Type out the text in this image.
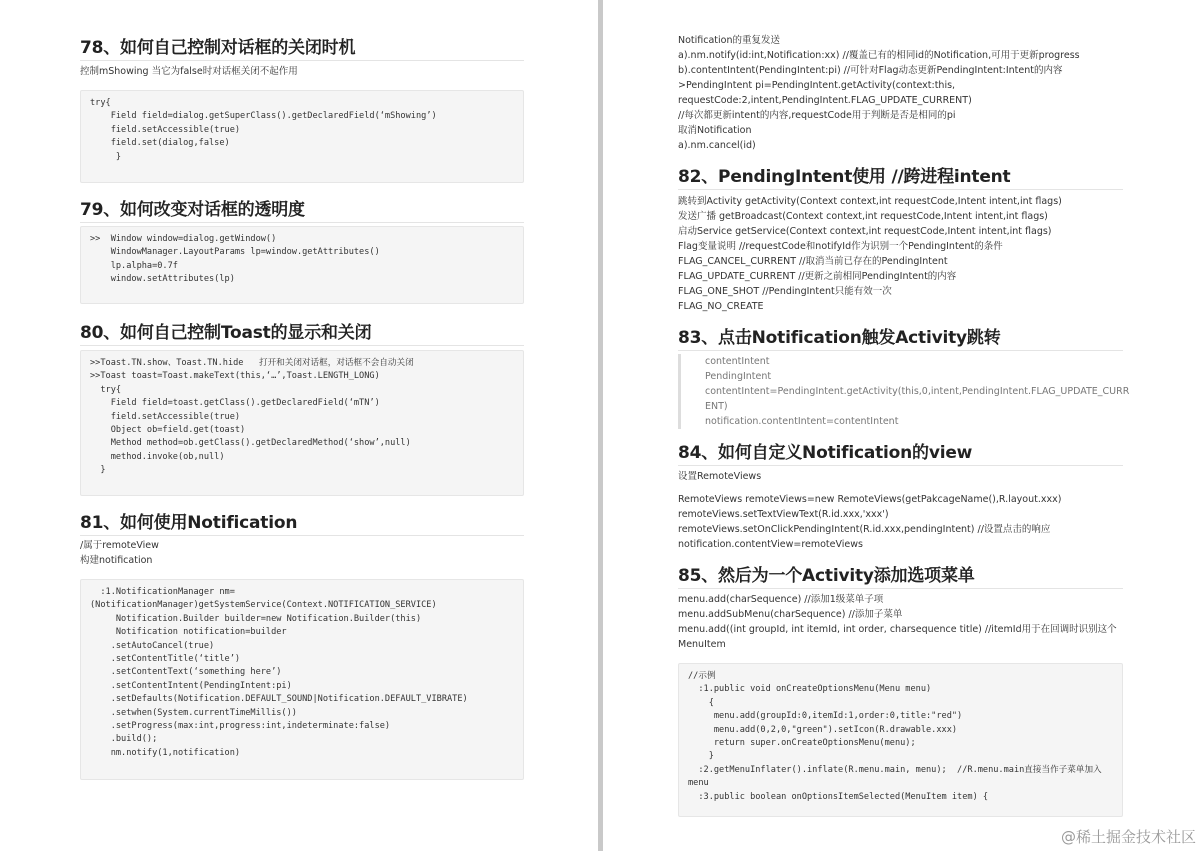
78、如何自己控制对话框的关闭时机

控制mShowing 当它为false时对话框关闭不起作用

try{
Field field=dialog.getSuperClass().getDeclaredField(‘mShowing’)
field.setAccessible(true)
field.set(dialog,false)
}
79、如何改变对话框的透明度
>>  Window window=dialog.getWindow()
WindowManager.LayoutParams lp=window.getAttributes()
lp.alpha=0.7f
window.setAttributes(lp)
80、如何自己控制Toast的显示和关闭
>>Toast.TN.show、Toast.TN.hide   打开和关闭对话框，对话框不会自动关闭
>>Toast toast=Toast.makeText(this,‘…’,Toast.LENGTH_LONG)
try{
Field field=toast.getClass().getDeclaredField(‘mTN’)
field.setAccessible(true)
Object ob=field.get(toast)
Method method=ob.getClass().getDeclaredMethod(‘show’,null)
method.invoke(ob,null)
}
81、如何使用Notification

/属于remoteView

构建notification

:1.NotificationManager nm=
(NotificationManager)getSystemService(Context.NOTIFICATION_SERVICE)
Notification.Builder builder=new Notification.Builder(this)
Notification notification=builder
.setAutoCancel(true)
.setContentTitle(‘title’)
.setContentText(‘something here’)
.setContentIntent(PendingIntent:pi)
.setDefaults(Notification.DEFAULT_SOUND|Notification.DEFAULT_VIBRATE)
.setwhen(System.currentTimeMillis())
.setProgress(max:int,progress:int,indeterminate:false)
.build();
nm.notify(1,notification)

Notification的重复发送

a).nm.notify(id:int,Notification:xx) //覆盖已有的相同id的Notification,可用于更新progress

b).contentIntent(PendingIntent:pi) //可针对Flag动态更新PendingIntent:Intent的内容

>PendingIntent pi=PendingIntent.getActivity(context:this,

requestCode:2,intent,PendingIntent.FLAG_UPDATE_CURRENT)

//每次都更新intent的内容,requestCode用于判断是否是相同的pi

取消Notification

a).nm.cancel(id)

82、PendingIntent使用 //跨进程intent

跳转到Activity getActivity(Context context,int requestCode,Intent intent,int flags)

发送广播 getBroadcast(Context context,int requestCode,Intent intent,int flags)

启动Service getService(Context context,int requestCode,Intent intent,int flags)

Flag变量说明 //requestCode和notifyId作为识别一个PendingIntent的条件

FLAG_CANCEL_CURRENT //取消当前已存在的PendingIntent

FLAG_UPDATE_CURRENT //更新之前相同PendingIntent的内容

FLAG_ONE_SHOT //PendingIntent只能有效一次

FLAG_NO_CREATE

83、点击Notification触发Activity跳转
contentIntent
PendingIntent
contentIntent=PendingIntent.getActivity(this,0,intent,PendingIntent.FLAG_UPDATE_CURR
ENT)
notification.contentIntent=contentIntent
84、如何自定义Notification的view

设置RemoteViews

RemoteViews remoteViews=new RemoteViews(getPakcageName(),R.layout.xxx)

remoteViews.setTextViewText(R.id.xxx,'xxx')

remoteViews.setOnClickPendingIntent(R.id.xxx,pendingIntent) //设置点击的响应

notification.contentView=remoteViews

85、然后为一个Activity添加选项菜单

menu.add(charSequence) //添加1级菜单子项

menu.addSubMenu(charSequence) //添加子菜单

menu.add((int groupId, int itemId, int order, charsequence title) //itemId用于在回调时识别这个

MenuItem

//示例
:1.public void onCreateOptionsMenu(Menu menu)
{
menu.add(groupId:0,itemId:1,order:0,title:"red")
menu.add(0,2,0,"green").setIcon(R.drawable.xxx)
return super.onCreateOptionsMenu(menu);
}
:2.getMenuInflater().inflate(R.menu.main, menu);  //R.menu.main直接当作子菜单加入
menu
:3.public boolean onOptionsItemSelected(MenuItem item) {
@稀土掘金技术社区
